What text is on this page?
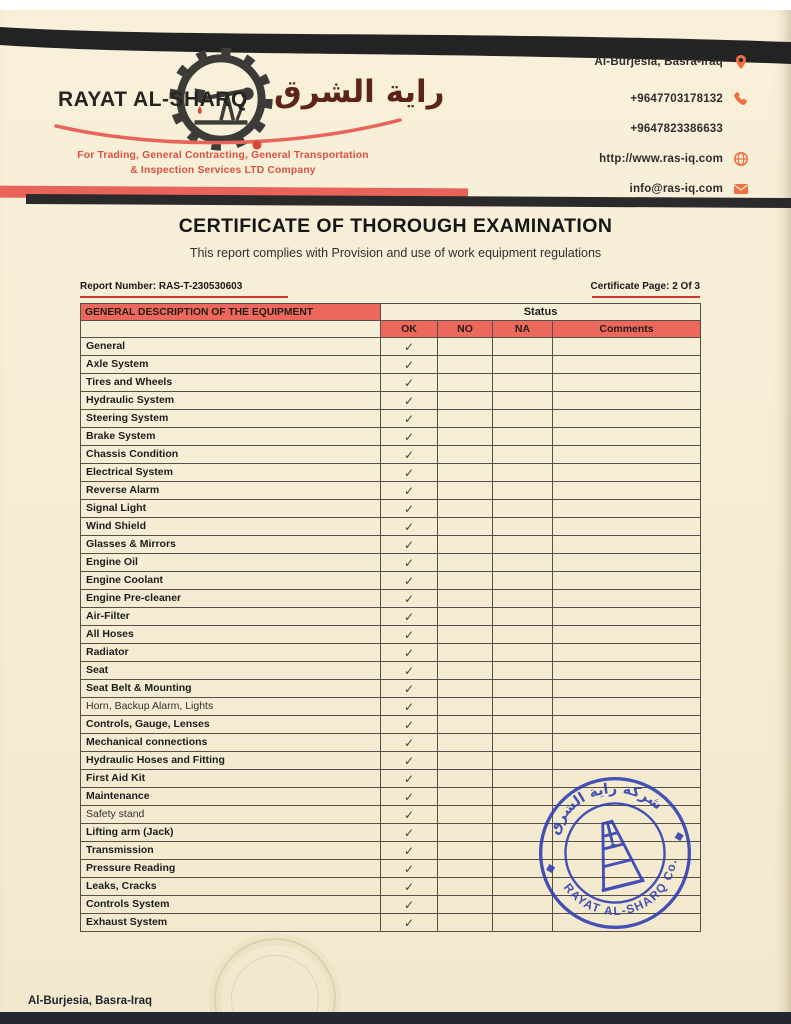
RAYAT AL-SHARQ راية الشرق
For Trading, General Contracting, General Transportation
& Inspection Services LTD Company
Al-Burjesia, Basra-Iraq
+9647703178132
+9647823386633
http://www.ras-iq.com
info@ras-iq.com
CERTIFICATE OF THOROUGH EXAMINATION
This report complies with Provision and use of work equipment regulations
Report Number: RAS-T-230530603	Certificate Page: 2 Of 3
GENERAL DESCRIPTION OF THE EQUIPMENT	Status			
	OK	NO	NA	Comments
General	✓			
Axle System	✓			
Tires and Wheels	✓			
Hydraulic System	✓			
Steering System	✓			
Brake System	✓			
Chassis Condition	✓			
Electrical System	✓			
Reverse Alarm	✓			
Signal Light	✓			
Wind Shield	✓			
Glasses & Mirrors	✓			
Engine Oil	✓			
Engine Coolant	✓			
Engine Pre-cleaner	✓			
Air-Filter	✓			
All Hoses	✓			
Radiator	✓			
Seat	✓			
Seat Belt & Mounting	✓			
Horn, Backup Alarm, Lights	✓			
Controls, Gauge, Lenses	✓			
Mechanical connections	✓			
Hydraulic Hoses and Fitting	✓			
First Aid Kit	✓			
Maintenance	✓			
Safety stand	✓			
Lifting arm (Jack)	✓			
Transmission	✓			
Pressure Reading	✓			
Leaks, Cracks	✓			
Controls System	✓			
Exhaust System	✓			
شركة راية الشرق
RAYAT AL-SHARQ Co.
Al-Burjesia, Basra-Iraq
